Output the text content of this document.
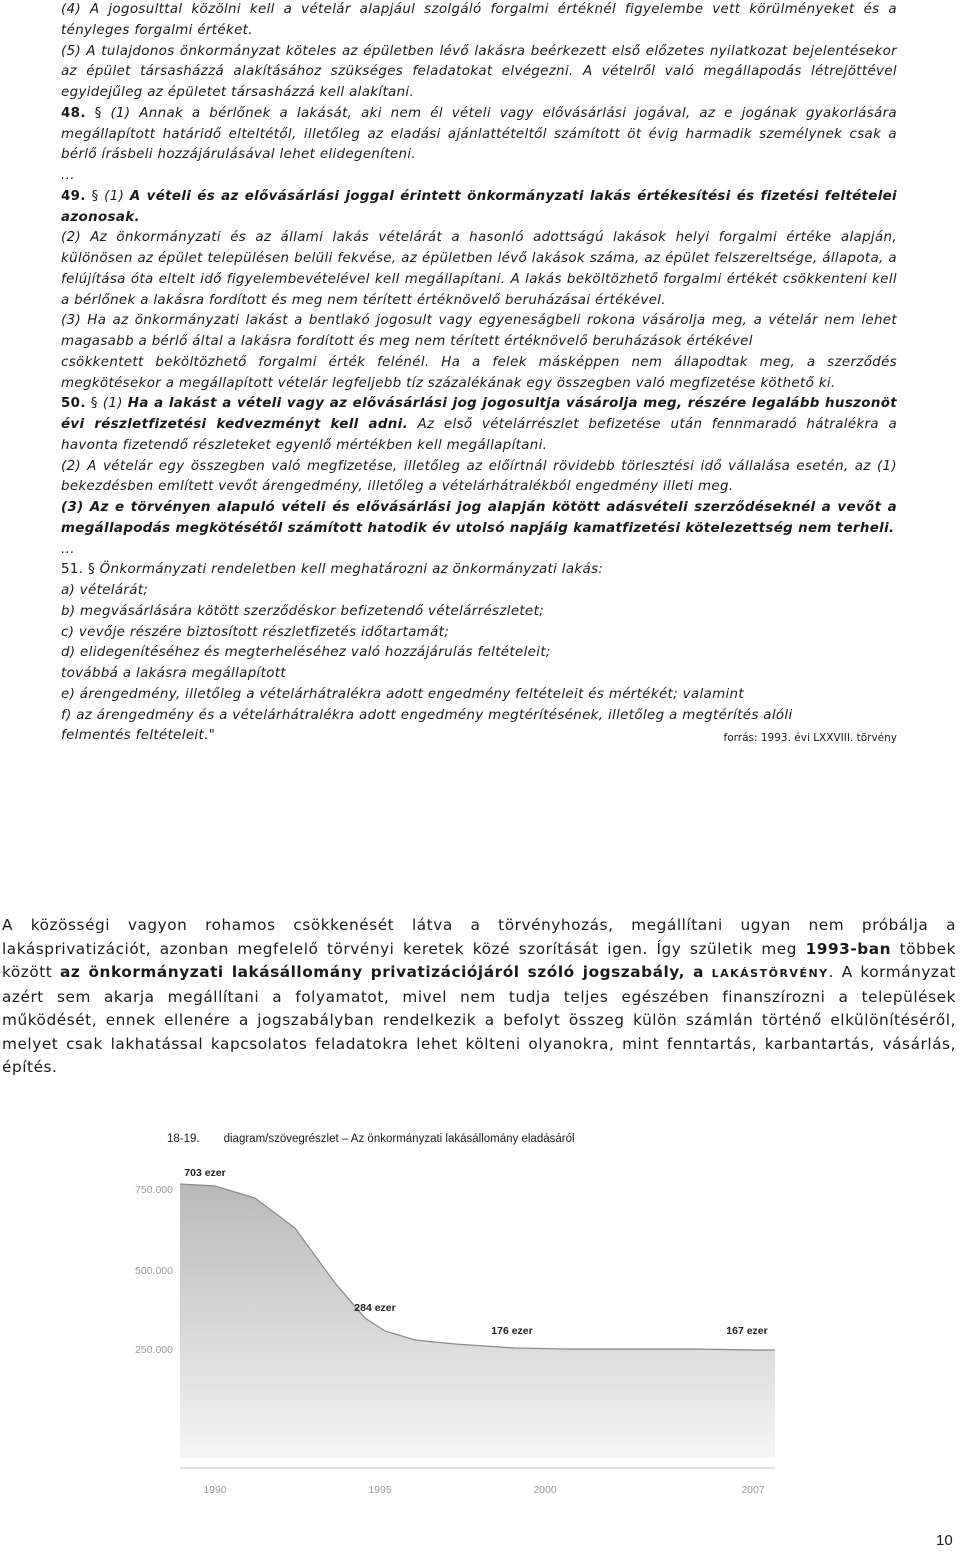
(4) A jogosulttal közölni kell a vételár alapjául szolgáló forgalmi értéknél figyelembe vett körülményeket és a tényleges forgalmi értéket.

(5) A tulajdonos önkormányzat köteles az épületben lévő lakásra beérkezett első előzetes nyilatkozat bejelentésekor az épület társasházzá alakításához szükséges feladatokat elvégezni. A vételről való megállapodás létrejöttével egyidejűleg az épületet társasházzá kell alakítani.

48. § (1) Annak a bérlőnek a lakását, aki nem él vételi vagy elővásárlási jogával, az e jogának gyakorlására megállapított határidő elteltétől, illetőleg az eladási ajánlattételtől számított öt évig harmadik személynek csak a bérlő írásbeli hozzájárulásával lehet elidegeníteni.

...

49. § (1) A vételi és az elővásárlási joggal érintett önkormányzati lakás értékesítési és fizetési feltételei azonosak.

(2) Az önkormányzati és az állami lakás vételárát a hasonló adottságú lakások helyi forgalmi értéke alapján, különösen az épület településen belüli fekvése, az épületben lévő lakások száma, az épület felszereltsége, állapota, a felújítása óta eltelt idő figyelembevételével kell megállapítani. A lakás beköltözhető forgalmi értékét csökkenteni kell a bérlőnek a lakásra fordított és meg nem térített értéknövelő beruházásai értékével.

(3) Ha az önkormányzati lakást a bentlakó jogosult vagy egyeneságbeli rokona vásárolja meg, a vételár nem lehet magasabb a bérlő által a lakásra fordított és meg nem térített értéknövelő beruházások értékével

csökkentett beköltözhető forgalmi érték felénél. Ha a felek másképpen nem állapodtak meg, a szerződés megkötésekor a megállapított vételár legfeljebb tíz százalékának egy összegben való megfizetése köthető ki.

50. § (1) Ha a lakást a vételi vagy az elővásárlási jog jogosultja vásárolja meg, részére legalább huszonöt évi részletfizetési kedvezményt kell adni. Az első vételárrészlet befizetése után fennmaradó hátralékra a havonta fizetendő részleteket egyenlő mértékben kell megállapítani.

(2) A vételár egy összegben való megfizetése, illetőleg az előírtnál rövidebb törlesztési idő vállalása esetén, az (1) bekezdésben említett vevőt árengedmény, illetőleg a vételárhátralékból engedmény illeti meg.

(3) Az e törvényen alapuló vételi és elővásárlási jog alapján kötött adásvételi szerződéseknél a vevőt a megállapodás megkötésétől számított hatodik év utolsó napjáig kamatfizetési kötelezettség nem terheli.

...

51. § Önkormányzati rendeletben kell meghatározni az önkormányzati lakás:

a) vételárát;

b) megvásárlására kötött szerződéskor befizetendő vételárrészletet;

c) vevője részére biztosított részletfizetés időtartamát;

d) elidegenítéséhez és megterheléséhez való hozzájárulás feltételeit;

továbbá a lakásra megállapított

e) árengedmény, illetőleg a vételárhátralékra adott engedmény feltételeit és mértékét; valamint

f) az árengedmény és a vételárhátralékra adott engedmény megtérítésének, illetőleg a megtérítés alóli

felmentés feltételeit."	forrás: 1993. évi LXXVIII. törvény

A közösségi vagyon rohamos csökkenését látva a törvényhozás, megállítani ugyan nem próbálja a lakásprivatizációt, azonban megfelelő törvényi keretek közé szorítását igen. Így születik meg 1993-ban többek között az önkormányzati lakásállomány privatizációjáról szóló jogszabály, a LAKÁSTÖRVÉNY. A kormányzat azért sem akarja megállítani a folyamatot, mivel nem tudja teljes egészében finanszírozni a települések működését, ennek ellenére a jogszabályban rendelkezik a befolyt összeg külön számlán történő elkülönítéséről, melyet csak lakhatással kapcsolatos feladatokra lehet költeni olyanokra, mint fenntartás, karbantartás, vásárlás, építés.

18-19. diagram/szövegrészlet – Az önkormányzati lakásállomány eladásáról
750.000
500.000
250.000
1990	1995	2000	2007
703 ezer
284 ezer
176 ezer	167 ezer
10
